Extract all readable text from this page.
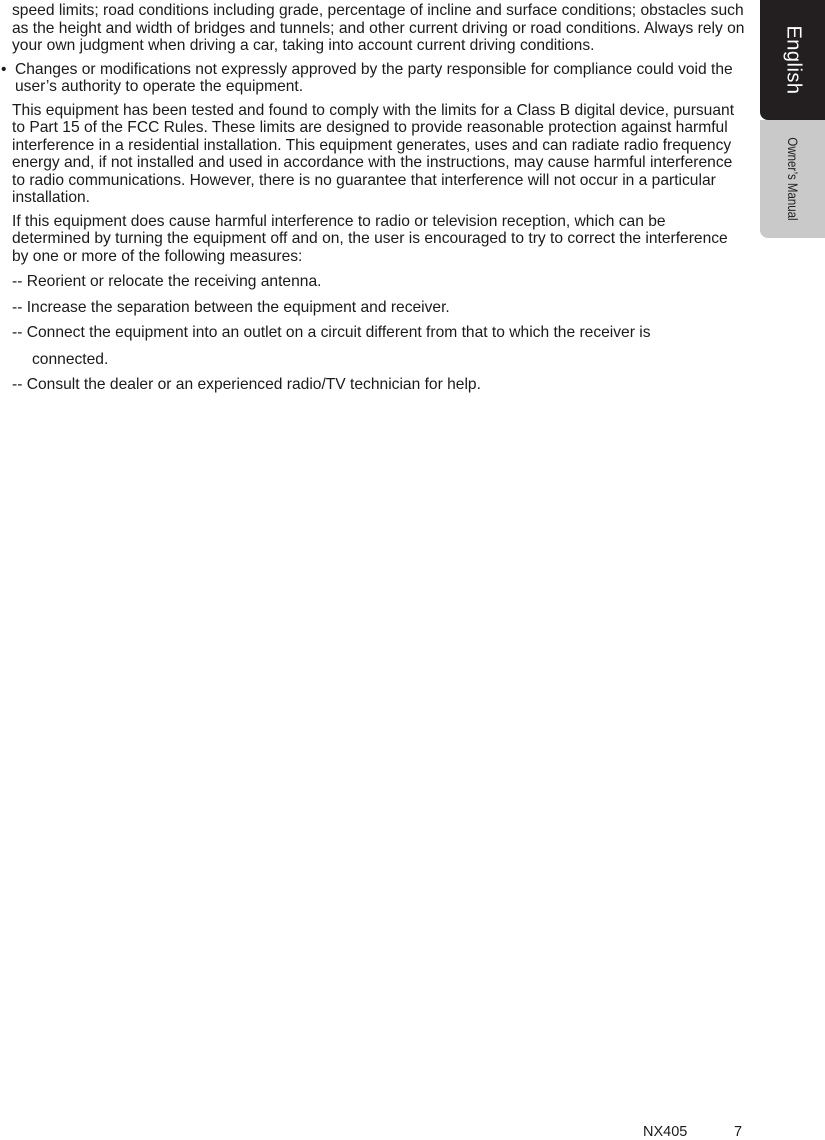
English
Owner’s Manual

speed limits; road conditions including grade, percentage of incline and surface conditions; obstacles such as the height and width of bridges and tunnels; and other current driving or road conditions. Always rely on your own judgment when driving a car, taking into account current driving conditions.

• Changes or modifications not expressly approved by the party responsible for compliance could void the user’s authority to operate the equipment.

This equipment has been tested and found to comply with the limits for a Class B digital device, pursuant to Part 15 of the FCC Rules. These limits are designed to provide reasonable protection against harmful interference in a residential installation. This equipment generates, uses and can radiate radio frequency energy and, if not installed and used in accordance with the instructions, may cause harmful interference to radio communications. However, there is no guarantee that interference will not occur in a particular installation.

If this equipment does cause harmful interference to radio or television reception, which can be determined by turning the equipment off and on, the user is encouraged to try to correct the interference by one or more of the following measures:

-- Reorient or relocate the receiving antenna.
-- Increase the separation between the equipment and receiver.
-- Connect the equipment into an outlet on a circuit different from that to which the receiver is
connected.
-- Consult the dealer or an experienced radio/TV technician for help.
NX405	7
